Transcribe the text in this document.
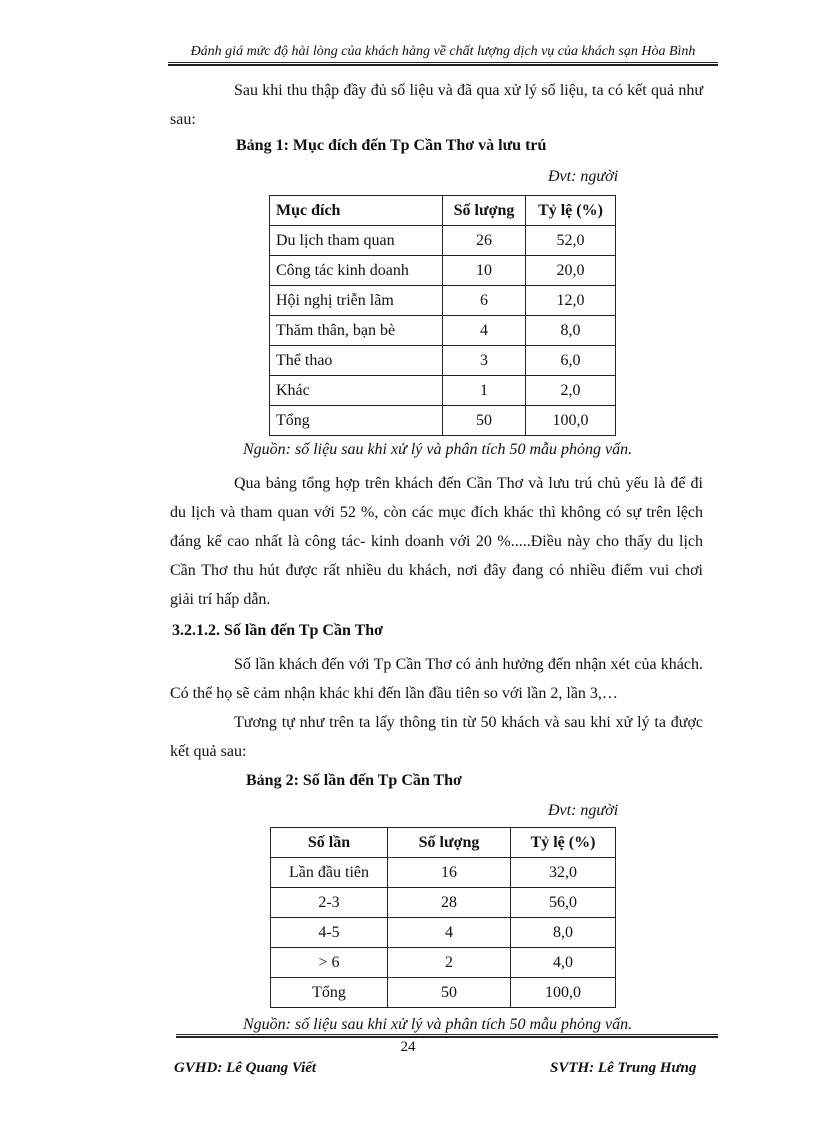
Đánh giá mức độ hài lòng của khách hàng về chất lượng dịch vụ của khách sạn Hòa Bình

Sau khi thu thập đầy đủ số liệu và đã qua xử lý số liệu, ta có kết quả như sau:

Bảng 1: Mục đích đến Tp Cần Thơ và lưu trú

Đvt: người

Mục đích	Số lượng	Tỷ lệ (%)
Du lịch tham quan	26	52,0
Công tác kinh doanh	10	20,0
Hội nghị triễn lãm	6	12,0
Thăm thân, bạn bè	4	8,0
Thể thao	3	6,0
Khác	1	2,0
Tổng	50	100,0

Nguồn: số liệu sau khi xử lý và phân tích 50 mẫu phỏng vấn.

Qua bảng tổng hợp trên khách đến Cần Thơ và lưu trú chủ yếu là để đi du lịch và tham quan với 52 %, còn các mục đích khác thì không có sự trên lệch đáng kể cao nhất là công tác- kinh doanh với 20 %.....Điều này cho thấy du lịch Cần Thơ thu hút được rất nhiều du khách, nơi đây đang có nhiều điểm vui chơi giải trí hấp dẫn.

3.2.1.2. Số lần đến Tp Cần Thơ

Số lần khách đến với Tp Cần Thơ có ảnh hưởng đến nhận xét của khách. Có thể họ sẽ cảm nhận khác khi đến lần đầu tiên so với lần 2, lần 3,…

Tương tự như trên ta lấy thông tin từ 50 khách và sau khi xử lý ta được kết quả sau:

Bảng 2: Số lần đến Tp Cần Thơ

Đvt: người

Số lần	Số lượng	Tỷ lệ (%)
Lần đầu tiên	16	32,0
2-3	28	56,0
4-5	4	8,0
> 6	2	4,0
Tổng	50	100,0

Nguồn: số liệu sau khi xử lý và phân tích 50 mẫu phỏng vấn.

24
GVHD: Lê Quang Viết	SVTH: Lê Trung Hưng
